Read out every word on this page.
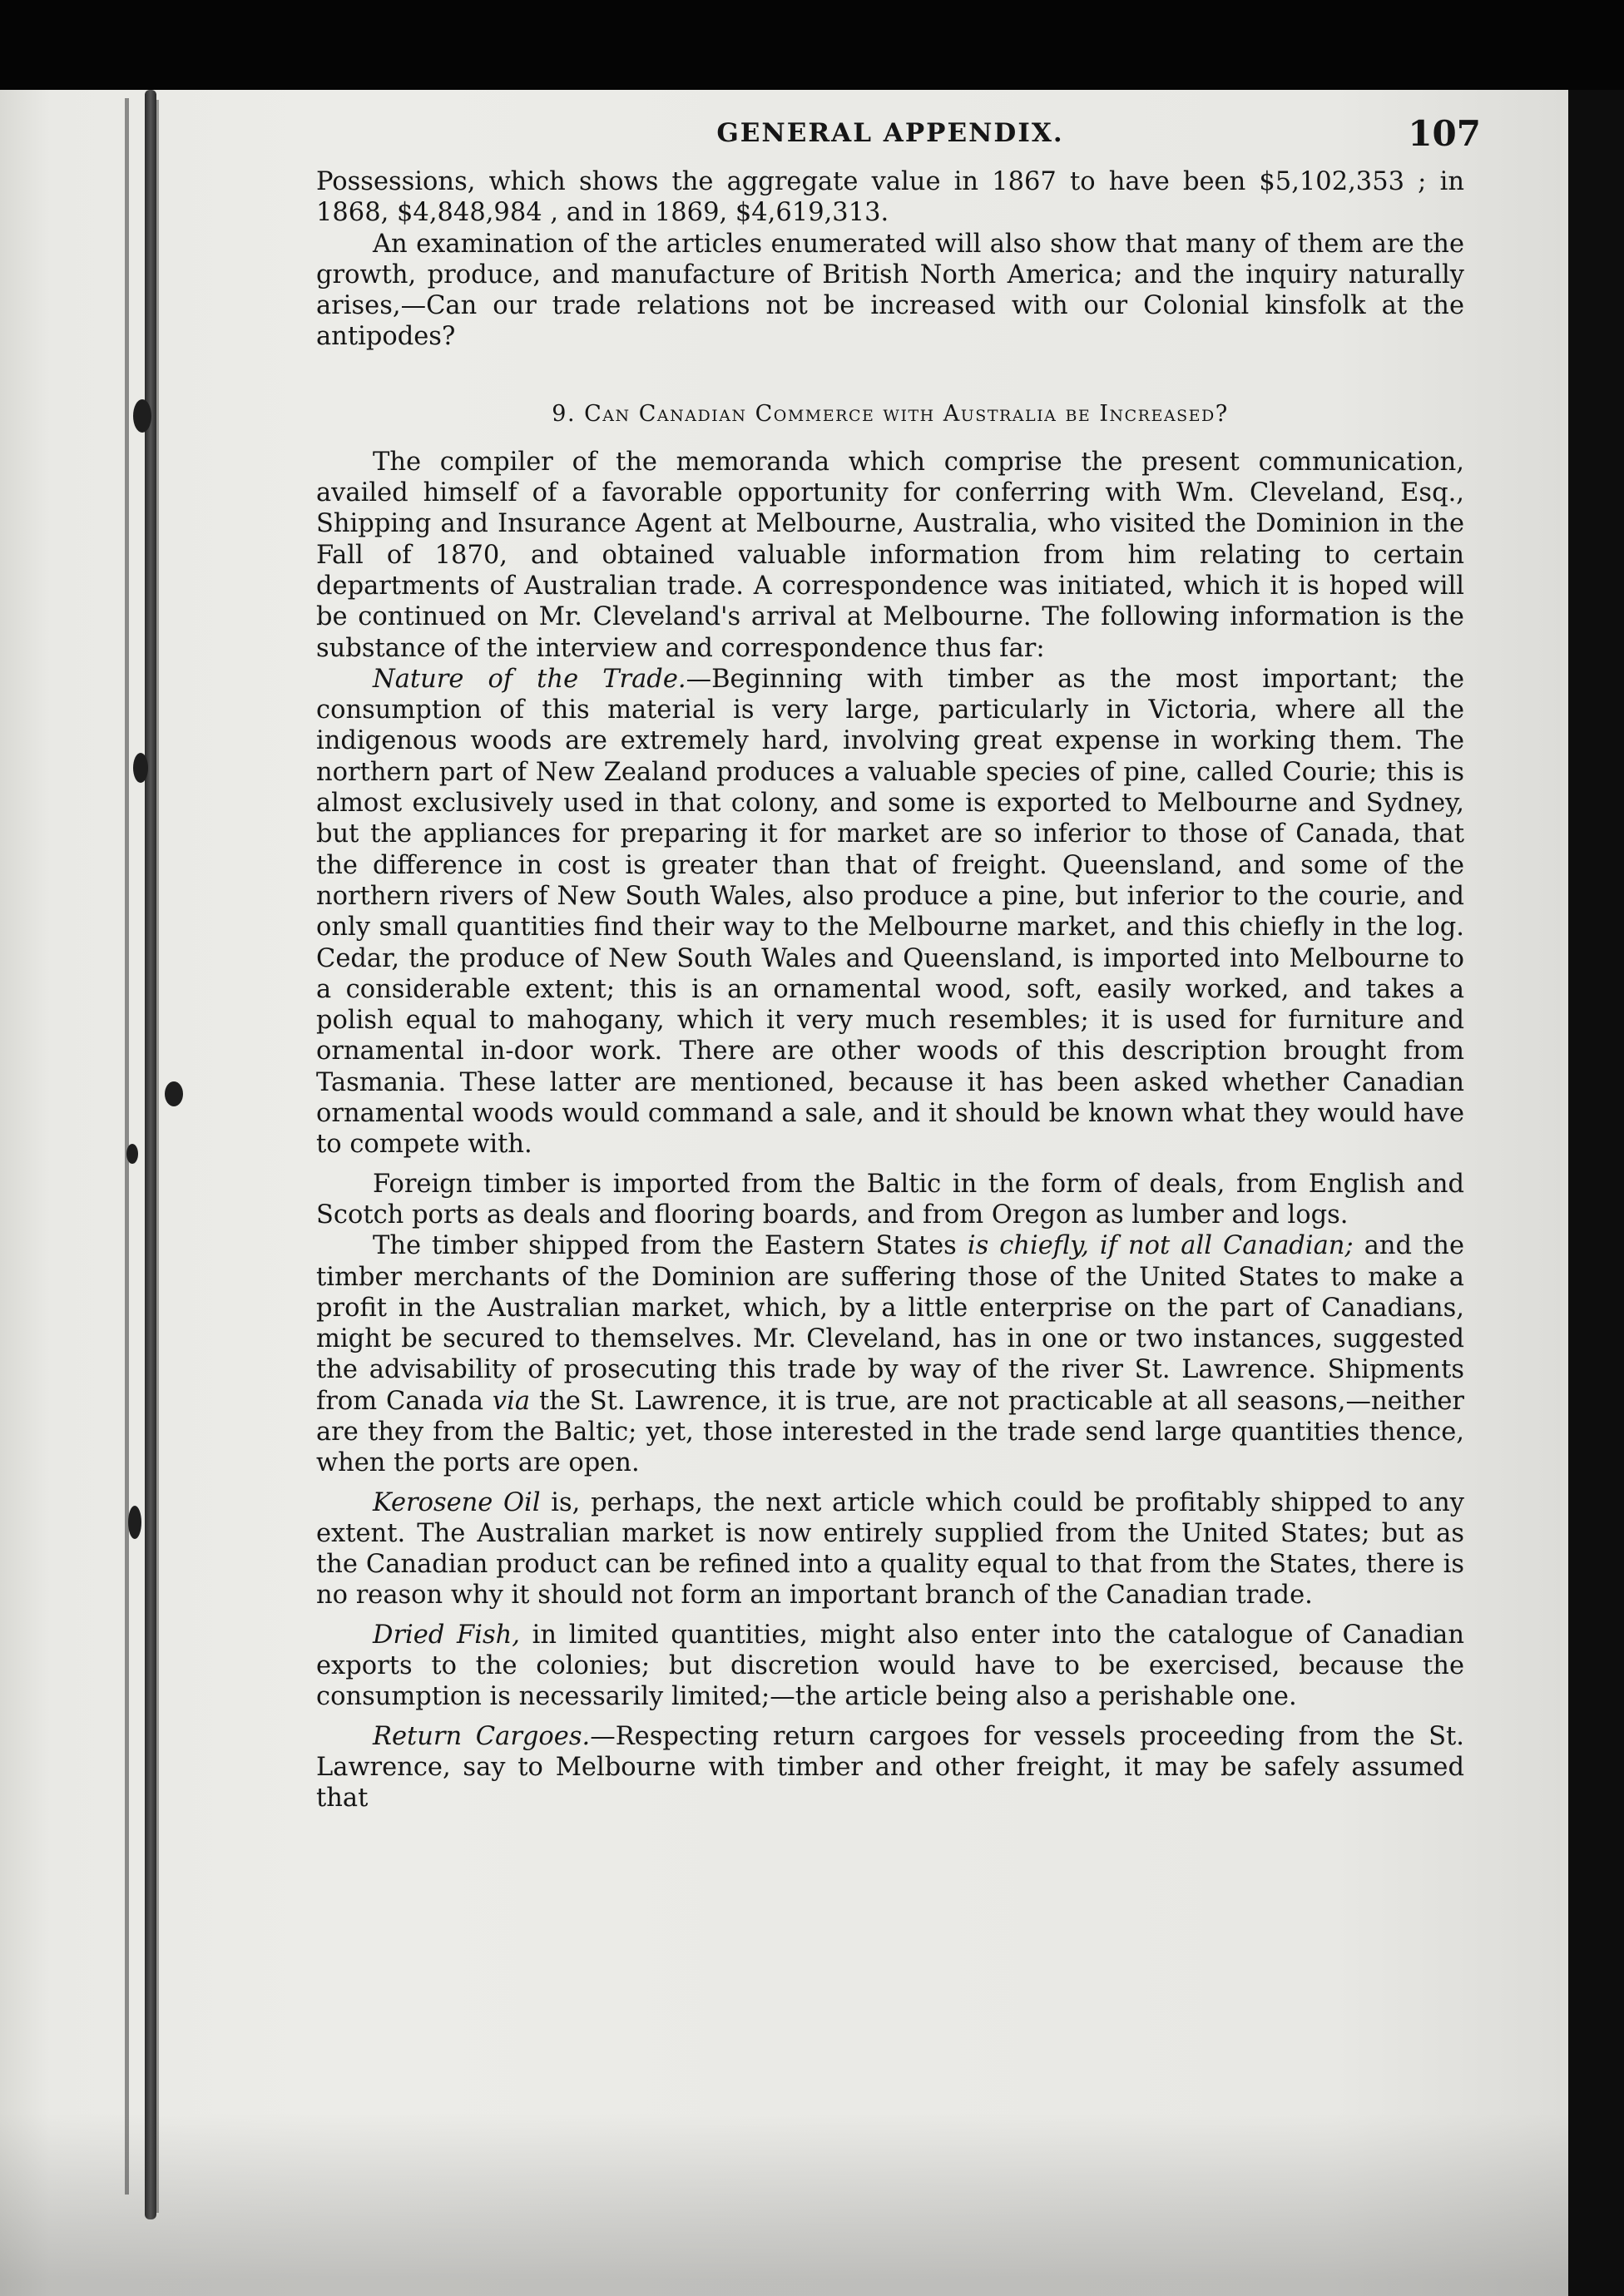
GENERAL APPENDIX.	107

Possessions, which shows the aggregate value in 1867 to have been $5,102,353 ; in 1868, $4,848,984 , and in 1869, $4,619,313.

An examination of the articles enumerated will also show that many of them are the growth, produce, and manufacture of British North America; and the inquiry naturally arises,—Can our trade relations not be increased with our Colonial kinsfolk at the antipodes?

9. Can Canadian Commerce with Australia be Increased?

The compiler of the memoranda which comprise the present communication, availed himself of a favorable opportunity for conferring with Wm. Cleveland, Esq., Shipping and Insurance Agent at Melbourne, Australia, who visited the Dominion in the Fall of 1870, and obtained valuable information from him relating to certain departments of Australian trade. A correspondence was initiated, which it is hoped will be continued on Mr. Cleveland's arrival at Melbourne. The following information is the substance of the interview and correspondence thus far:

Nature of the Trade.—Beginning with timber as the most important; the consumption of this material is very large, particularly in Victoria, where all the indigenous woods are extremely hard, involving great expense in working them. The northern part of New Zealand produces a valuable species of pine, called Courie; this is almost exclusively used in that colony, and some is exported to Melbourne and Sydney, but the appliances for preparing it for market are so inferior to those of Canada, that the difference in cost is greater than that of freight. Queensland, and some of the northern rivers of New South Wales, also produce a pine, but inferior to the courie, and only small quantities find their way to the Melbourne market, and this chiefly in the log. Cedar, the produce of New South Wales and Queensland, is imported into Melbourne to a considerable extent; this is an ornamental wood, soft, easily worked, and takes a polish equal to mahogany, which it very much resembles; it is used for furniture and ornamental in-door work. There are other woods of this description brought from Tasmania. These latter are mentioned, because it has been asked whether Canadian ornamental woods would command a sale, and it should be known what they would have to compete with.

Foreign timber is imported from the Baltic in the form of deals, from English and Scotch ports as deals and flooring boards, and from Oregon as lumber and logs.

The timber shipped from the Eastern States is chiefly, if not all Canadian; and the timber merchants of the Dominion are suffering those of the United States to make a profit in the Australian market, which, by a little enterprise on the part of Canadians, might be secured to themselves. Mr. Cleveland, has in one or two instances, suggested the advisability of prosecuting this trade by way of the river St. Lawrence. Shipments from Canada via the St. Lawrence, it is true, are not practicable at all seasons,—neither are they from the Baltic; yet, those interested in the trade send large quantities thence, when the ports are open.

Kerosene Oil is, perhaps, the next article which could be profitably shipped to any extent. The Australian market is now entirely supplied from the United States; but as the Canadian product can be refined into a quality equal to that from the States, there is no reason why it should not form an important branch of the Canadian trade.

Dried Fish, in limited quantities, might also enter into the catalogue of Canadian exports to the colonies; but discretion would have to be exercised, because the consumption is necessarily limited;—the article being also a perishable one.

Return Cargoes.—Respecting return cargoes for vessels proceeding from the St. Lawrence, say to Melbourne with timber and other freight, it may be safely assumed that
